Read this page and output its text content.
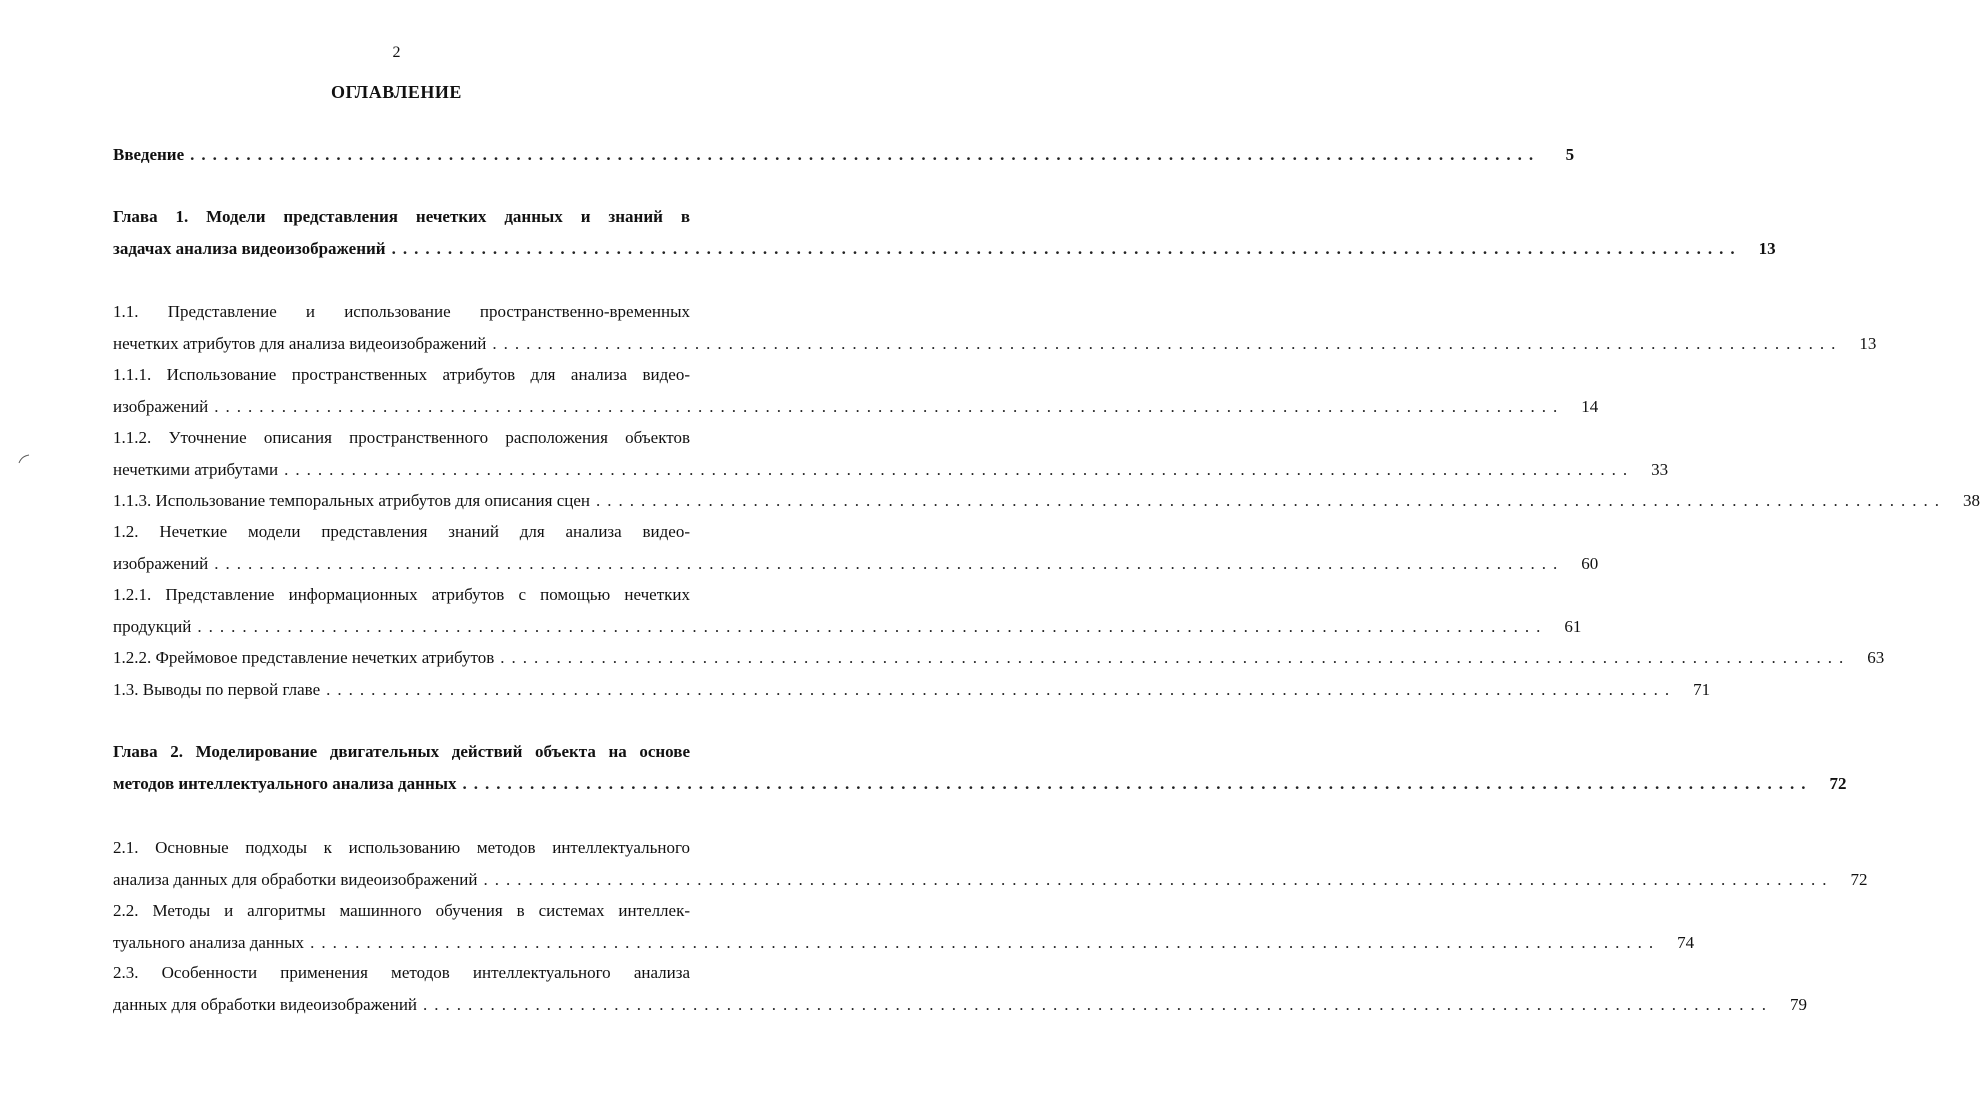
2
ОГЛАВЛЕНИЕ
Введение ........................................................................................................................	5
Глава 1. Модели представления нечетких данных и знаний в
задачах анализа видеоизображений ........................................................................................................................	13
1.1. Представление и использование пространственно-временных
нечетких атрибутов для анализа видеоизображений ........................................................................................................................	13
1.1.1. Использование пространственных атрибутов для анализа видео-
изображений ........................................................................................................................	14
1.1.2. Уточнение описания пространственного расположения объектов
нечеткими атрибутами ........................................................................................................................	33
1.1.3. Использование темпоральных атрибутов для описания сцен ........................................................................................................................	38
1.2. Нечеткие модели представления знаний для анализа видео-
изображений ........................................................................................................................	60
1.2.1. Представление информационных атрибутов с помощью нечетких
продукций ........................................................................................................................	61
1.2.2. Фреймовое представление нечетких атрибутов ........................................................................................................................	63
1.3. Выводы по первой главе ........................................................................................................................	71
Глава 2. Моделирование двигательных действий объекта на основе
методов интеллектуального анализа данных ........................................................................................................................	72
2.1. Основные подходы к использованию методов интеллектуального
анализа данных для обработки видеоизображений ........................................................................................................................	72
2.2. Методы и алгоритмы машинного обучения в системах интеллек-
туального анализа данных ........................................................................................................................	74
2.3. Особенности применения методов интеллектуального анализа
данных для обработки видеоизображений ........................................................................................................................	79
